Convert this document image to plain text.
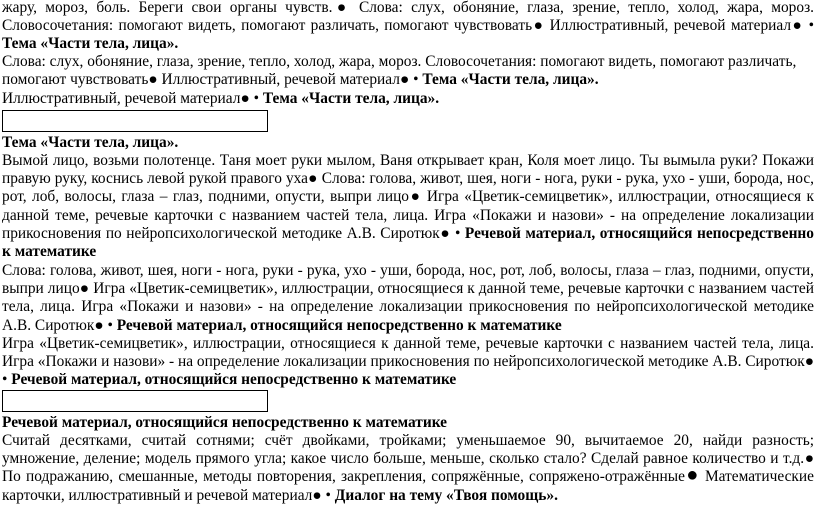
жару, мороз, боль. Береги свои органы чувств.● Слова: слух, обоняние, глаза, зрение, тепло, холод, жара, мороз. Словосочетания: помогают видеть, помогают различать, помогают чувствовать● Иллюстративный, речевой материал● • Тема «Части тела, лица».

Слова: слух, обоняние, глаза, зрение, тепло, холод, жара, мороз. Словосочетания: помогают видеть, помогают различать, помогают чувствовать● Иллюстративный, речевой материал● • Тема «Части тела, лица».

Иллюстративный, речевой материал● • Тема «Части тела, лица».

Тема «Части тела, лица».

Вымой лицо, возьми полотенце. Таня моет руки мылом, Ваня открывает кран, Коля моет лицо. Ты вымыла руки? Покажи правую руку, коснись левой рукой правого уха● Слова: голова, живот, шея, ноги - нога, руки - рука, ухо - уши, борода, нос, рот, лоб, волосы, глаза – глаз, подними, опусти, выпри лицо● Игра «Цветик-семицветик», иллюстрации, относящиеся к данной теме, речевые карточки с названием частей тела, лица. Игра «Покажи и назови» - на определение локализации прикосновения по нейропсихологической методике А.В. Сиротюк● • Речевой материал, относящийся непосредственно к математике

Слова: голова, живот, шея, ноги - нога, руки - рука, ухо - уши, борода, нос, рот, лоб, волосы, глаза – глаз, подними, опусти, выпри лицо● Игра «Цветик-семицветик», иллюстрации, относящиеся к данной теме, речевые карточки с названием частей тела, лица. Игра «Покажи и назови» - на определение локализации прикосновения по нейропсихологической методике А.В. Сиротюк● • Речевой материал, относящийся непосредственно к математике

Игра «Цветик-семицветик», иллюстрации, относящиеся к данной теме, речевые карточки с названием частей тела, лица. Игра «Покажи и назови» - на определение локализации прикосновения по нейропсихологической методике А.В. Сиротюк● • Речевой материал, относящийся непосредственно к математике

Речевой материал, относящийся непосредственно к математике

Считай десятками, считай сотнями; счёт двойками, тройками; уменьшаемое 90, вычитаемое 20, найди разность; умножение, деление; модель прямого угла; какое число больше, меньше, сколько стало? Сделай равное количество и т.д.● По подражанию, смешанные, методы повторения, закрепления, сопряжённые, сопряжено-отражённые● Математические карточки, иллюстративный и речевой материал● • Диалог на тему «Твоя помощь».
